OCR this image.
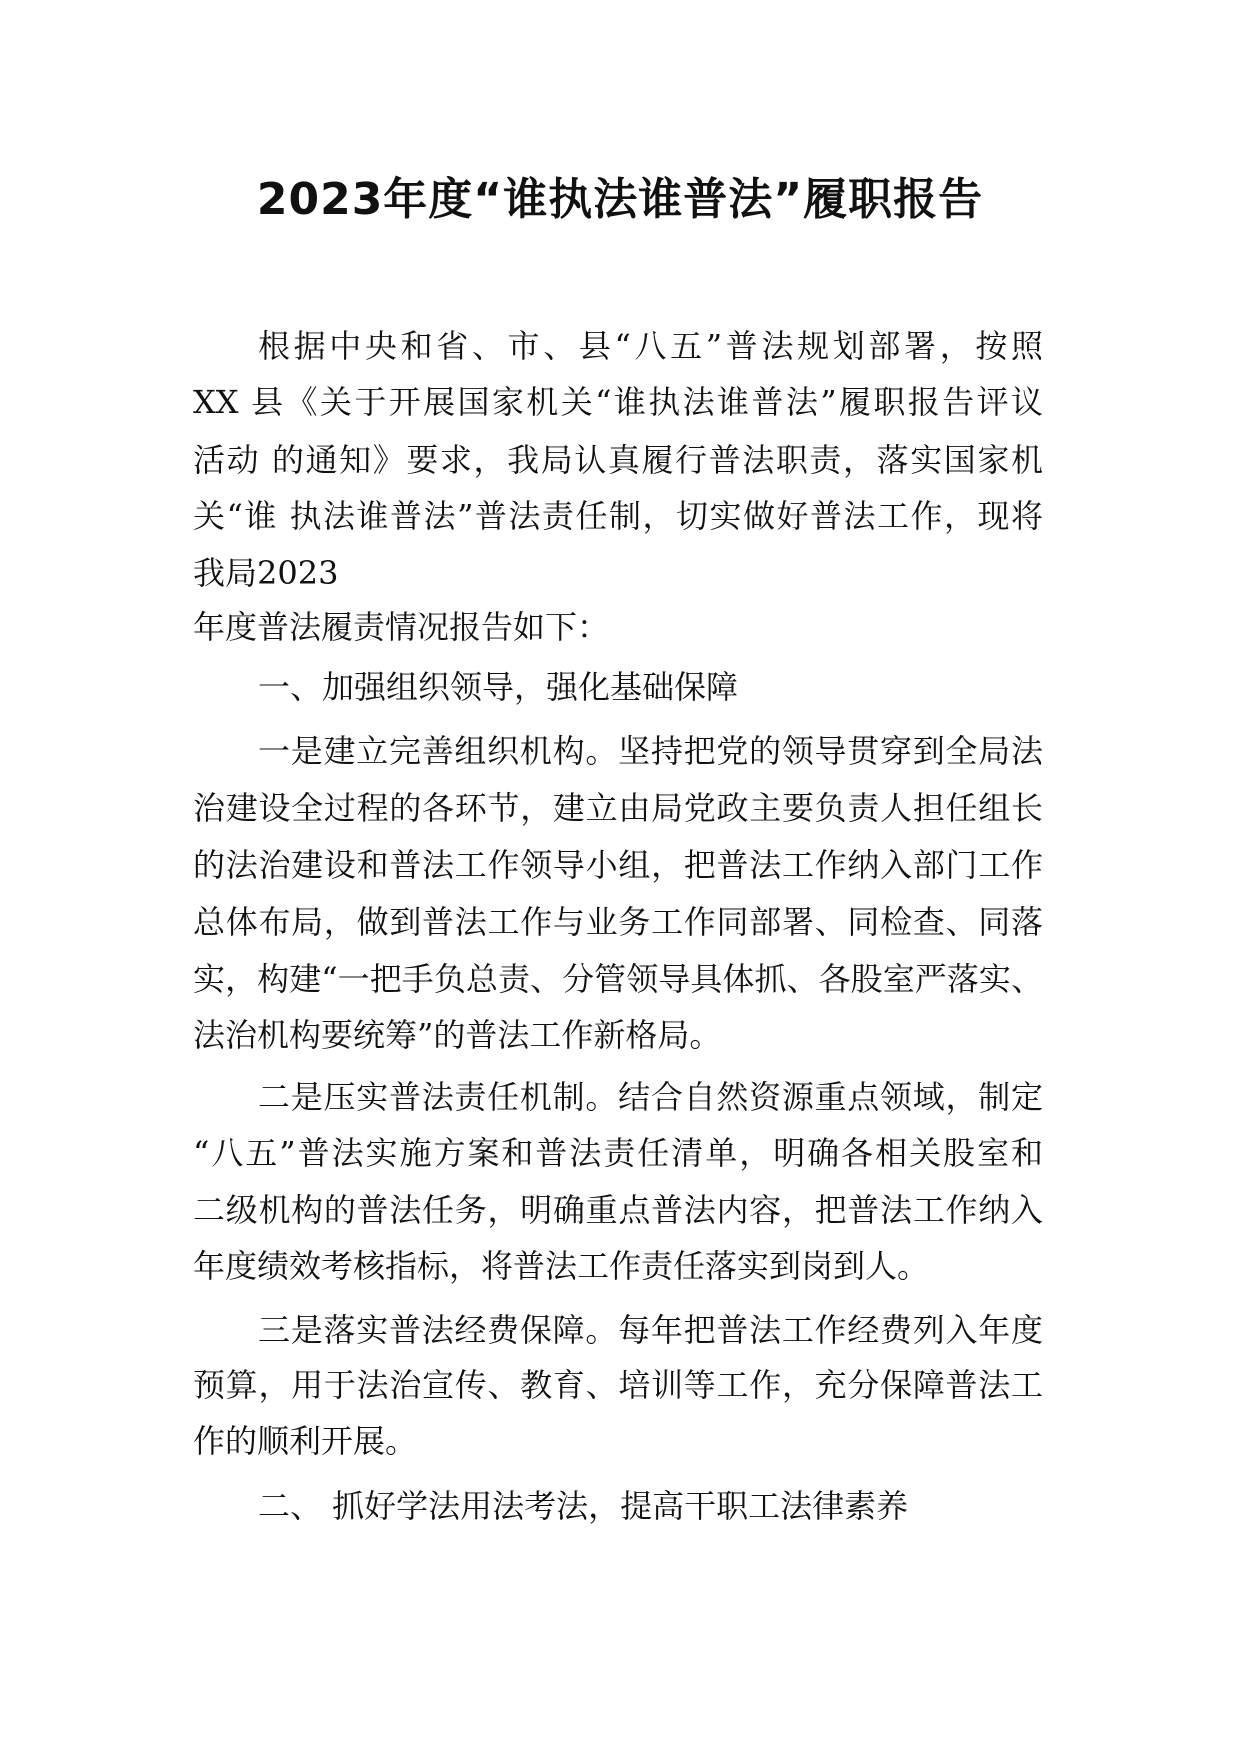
2023年度“谁执法谁普法”履职报告

根据中央和省、市、县“八五”普法规划部署，按照

XX 县《关于开展国家机关“谁执法谁普法”履职报告评议

活动 的通知》要求，我局认真履行普法职责，落实国家机

关“谁 执法谁普法”普法责任制，切实做好普法工作，现将

我局2023

年度普法履责情况报告如下：

一、加强组织领导，强化基础保障

一是建立完善组织机构。坚持把党的领导贯穿到全局法

治建设全过程的各环节，建立由局党政主要负责人担任组长

的法治建设和普法工作领导小组，把普法工作纳入部门工作

总体布局，做到普法工作与业务工作同部署、同检查、同落

实，构建“一把手负总责、分管领导具体抓、各股室严落实、

法治机构要统筹”的普法工作新格局。

二是压实普法责任机制。结合自然资源重点领域，制定

“八五”普法实施方案和普法责任清单，明确各相关股室和

二级机构的普法任务，明确重点普法内容，把普法工作纳入

年度绩效考核指标，将普法工作责任落实到岗到人。

三是落实普法经费保障。每年把普法工作经费列入年度

预算，用于法治宣传、教育、培训等工作，充分保障普法工

作的顺利开展。

二、 抓好学法用法考法，提高干职工法律素养
